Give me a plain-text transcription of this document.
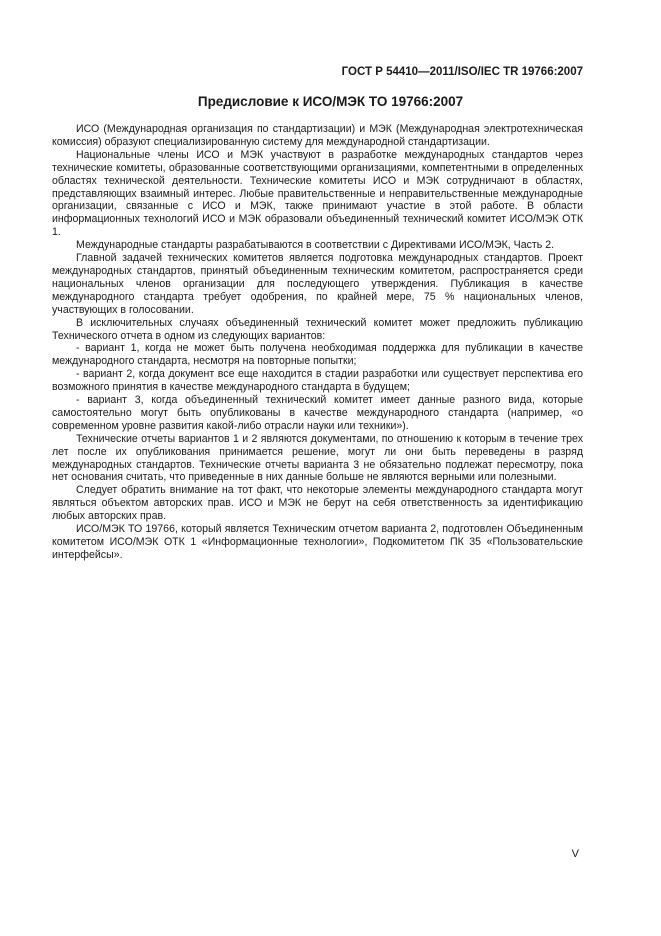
ГОСТ Р 54410—2011/ISO/IEC TR 19766:2007
Предисловие к ИСО/МЭК ТО 19766:2007

ИСО (Международная организация по стандартизации) и МЭК (Международная электротехническая комиссия) образуют специализированную систему для международной стандартизации.

Национальные члены ИСО и МЭК участвуют в разработке международных стандартов через технические комитеты, образованные соответствующими организациями, компетентными в определенных областях технической деятельности. Технические комитеты ИСО и МЭК сотрудничают в областях, представляющих взаимный интерес. Любые правительственные и неправительственные международные организации, связанные с ИСО и МЭК, также принимают участие в этой работе. В области информационных технологий ИСО и МЭК образовали объединенный технический комитет ИСО/МЭК ОТК 1.

Международные стандарты разрабатываются в соответствии с Директивами ИСО/МЭК, Часть 2.

Главной задачей технических комитетов является подготовка международных стандартов. Проект международных стандартов, принятый объединенным техническим комитетом, распространяется среди национальных членов организации для последующего утверждения. Публикация в качестве международного стандарта требует одобрения, по крайней мере, 75 % национальных членов, участвующих в голосовании.

В исключительных случаях объединенный технический комитет может предложить публикацию Технического отчета в одном из следующих вариантов:

- вариант 1, когда не может быть получена необходимая поддержка для публикации в качестве международного стандарта, несмотря на повторные попытки;

- вариант 2, когда документ все еще находится в стадии разработки или существует перспектива его возможного принятия в качестве международного стандарта в будущем;

- вариант 3, когда объединенный технический комитет имеет данные разного вида, которые самостоятельно могут быть опубликованы в качестве международного стандарта (например, «о современном уровне развития какой-либо отрасли науки или техники»).

Технические отчеты вариантов 1 и 2 являются документами, по отношению к которым в течение трех лет после их опубликования принимается решение, могут ли они быть переведены в разряд международных стандартов. Технические отчеты варианта 3 не обязательно подлежат пересмотру, пока нет основания считать, что приведенные в них данные больше не являются верными или полезными.

Следует обратить внимание на тот факт, что некоторые элементы международного стандарта могут являться объектом авторских прав. ИСО и МЭК не берут на себя ответственность за идентификацию любых авторских прав.

ИСО/МЭК ТО 19766, который является Техническим отчетом варианта 2, подготовлен Объединенным комитетом ИСО/МЭК ОТК 1 «Информационные технологии», Подкомитетом ПК 35 «Пользовательские интерфейсы».

V
